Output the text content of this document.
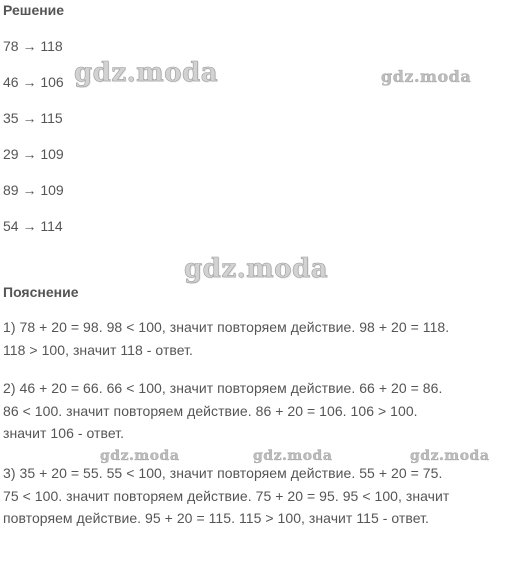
Решение
78 → 118
46 → 106
35 → 115
29 → 109
89 → 109
54 → 114
Пояснение
1) 78 + 20 = 98. 98 < 100, значит повторяем действие. 98 + 20 = 118.
118 > 100, значит 118 - ответ.
2) 46 + 20 = 66. 66 < 100, значит повторяем действие. 66 + 20 = 86.
86 < 100. значит повторяем действие. 86 + 20 = 106. 106 > 100.
значит 106 - ответ.
3) 35 + 20 = 55. 55 < 100, значит повторяем действие. 55 + 20 = 75.
75 < 100. значит повторяем действие. 75 + 20 = 95. 95 < 100, значит
повторяем действие. 95 + 20 = 115. 115 > 100, значит 115 - ответ.
gdz.moda	gdz.moda
gdz.moda
gdz.moda	gdz.moda	gdz.moda
